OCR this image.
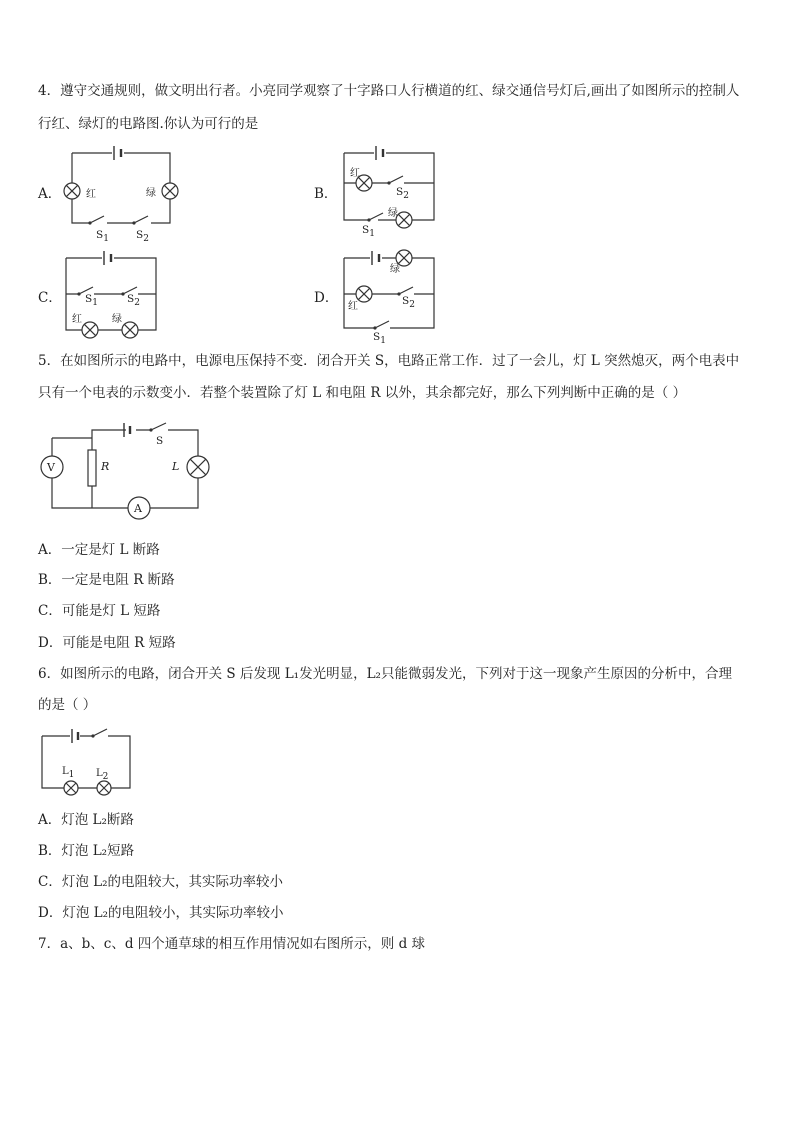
4．遵守交通规则，做文明出行者。小亮同学观察了十字路口人行横道的红、绿交通信号灯后,画出了如图所示的控制人
行红、绿灯的电路图.你认为可行的是
A． 红	绿
S1	S2
B．
红
绿
S2
S1
C． S1	S2
红	绿
D．
绿
红	S2
S1
5．在如图所示的电路中，电源电压保持不变．闭合开关 S，电路正常工作．过了一会儿，灯 L 突然熄灭，两个电表中
只有一个电表的示数变小．若整个装置除了灯 L 和电阻 R 以外，其余都完好，那么下列判断中正确的是（ ）
S
V	R	L
A
A．一定是灯 L 断路
B．一定是电阻 R 断路
C．可能是灯 L 短路
D．可能是电阻 R 短路
6．如图所示的电路，闭合开关 S 后发现 L₁发光明显，L₂只能微弱发光，下列对于这一现象产生原因的分析中，合理
的是（ ）
L1 L2
A．灯泡 L₂断路
B．灯泡 L₂短路
C．灯泡 L₂的电阻较大，其实际功率较小
D．灯泡 L₂的电阻较小，其实际功率较小
7．a、b、c、d 四个通草球的相互作用情况如右图所示，则 d 球
